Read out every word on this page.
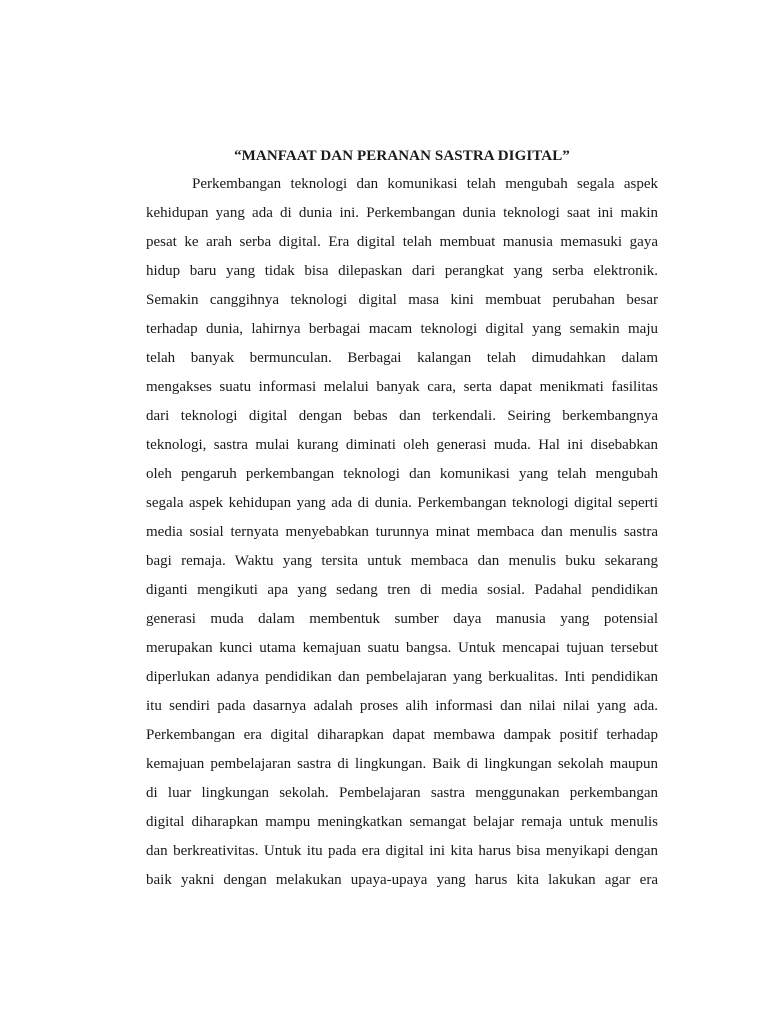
“MANFAAT DAN PERANAN SASTRA DIGITAL”
Perkembangan teknologi dan komunikasi telah mengubah segala aspek
kehidupan yang ada di dunia ini. Perkembangan dunia teknologi saat ini makin
pesat ke arah serba digital. Era digital telah membuat manusia memasuki gaya
hidup baru yang tidak bisa dilepaskan dari perangkat yang serba elektronik.
Semakin canggihnya teknologi digital masa kini membuat perubahan besar
terhadap dunia, lahirnya berbagai macam teknologi digital yang semakin maju
telah banyak bermunculan. Berbagai kalangan telah dimudahkan dalam
mengakses suatu informasi melalui banyak cara, serta dapat menikmati fasilitas
dari teknologi digital dengan bebas dan terkendali. Seiring berkembangnya
teknologi, sastra mulai kurang diminati oleh generasi muda. Hal ini disebabkan
oleh pengaruh perkembangan teknologi dan komunikasi yang telah mengubah
segala aspek kehidupan yang ada di dunia. Perkembangan teknologi digital seperti
media sosial ternyata menyebabkan turunnya minat membaca dan menulis sastra
bagi remaja. Waktu yang tersita untuk membaca dan menulis buku sekarang
diganti mengikuti apa yang sedang tren di media sosial. Padahal pendidikan
generasi muda dalam membentuk sumber daya manusia yang potensial
merupakan kunci utama kemajuan suatu bangsa. Untuk mencapai tujuan tersebut
diperlukan adanya pendidikan dan pembelajaran yang berkualitas. Inti pendidikan
itu sendiri pada dasarnya adalah proses alih informasi dan nilai nilai yang ada.
Perkembangan era digital diharapkan dapat membawa dampak positif terhadap
kemajuan pembelajaran sastra di lingkungan. Baik di lingkungan sekolah maupun
di luar lingkungan sekolah. Pembelajaran sastra menggunakan perkembangan
digital diharapkan mampu meningkatkan semangat belajar remaja untuk menulis
dan berkreativitas. Untuk itu pada era digital ini kita harus bisa menyikapi dengan
baik yakni dengan melakukan upaya-upaya yang harus kita lakukan agar era
